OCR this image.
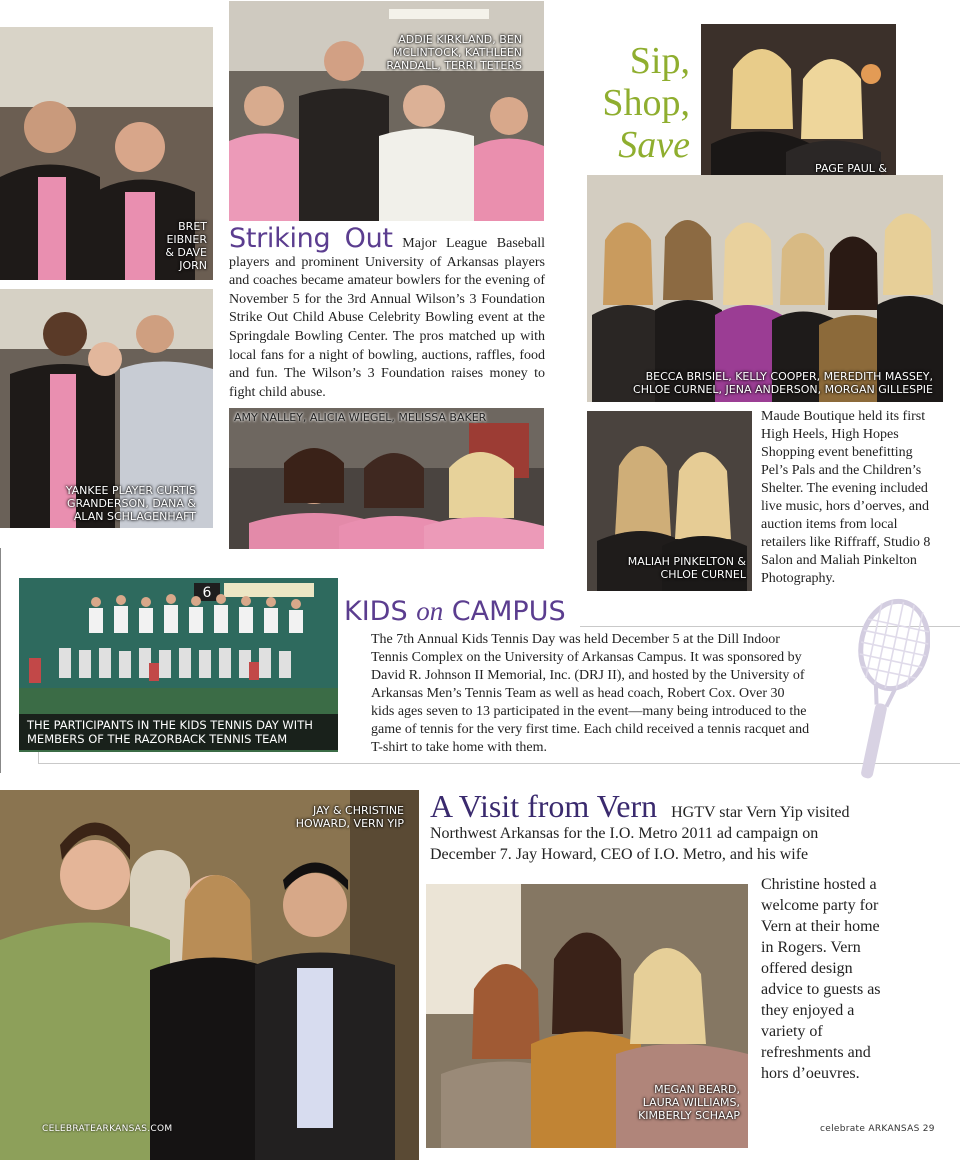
BRET
EIBNER
& DAVE
JORN
ADDIE KIRKLAND, BEN
MCLINTOCK, KATHLEEN
RANDALL, TERRI TETERS
YANKEE PLAYER CURTIS
GRANDERSON, DANA &
ALAN SCHLAGENHAFT
Striking Out Major League Baseball players and prominent University of Arkansas players and coaches became amateur bowlers for the evening of November 5 for the 3rd Annual Wilson’s 3 Foundation Strike Out Child Abuse Celebrity Bowling event at the Springdale Bowling Center. The pros matched up with local fans for a night of bowling, auctions, raffles, food and fun. The Wilson’s 3 Foundation raises money to fight child abuse.
AMY NALLEY, ALICIA WIEGEL, MELISSA BAKER
Sip,
Shop,
Save
PAGE PAUL &

BECCA BRISIEL, KELLY COOPER, MEREDITH MASSEY,
CHLOE CURNEL, JENA ANDERSON, MORGAN GILLESPIE
MALIAH PINKELTON &
CHLOE CURNEL
Maude Boutique held its first High Heels, High Hopes Shopping event benefitting Pel’s Pals and the Children’s Shelter. The evening included live music, hors d’oerves, and auction items from local retailers like Riffraff, Studio 8 Salon and Maliah Pinkelton Photography.
6
THE PARTICIPANTS IN THE KIDS TENNIS DAY WITH
MEMBERS OF THE RAZORBACK TENNIS TEAM
KIDS on CAMPUS
The 7th Annual Kids Tennis Day was held December 5 at the Dill Indoor Tennis Complex on the University of Arkansas Campus. It was sponsored by David R. Johnson II Memorial, Inc. (DRJ II), and hosted by the University of Arkansas Men’s Tennis Team as well as head coach, Robert Cox. Over 30 kids ages seven to 13 participated in the event—many being introduced to the game of tennis for the very first time. Each child received a tennis racquet and T-shirt to take home with them.
JAY & CHRISTINE
HOWARD, VERN YIP A Visit from Vern HGTV star Vern Yip visited Northwest Arkansas for the I.O. Metro 2011 ad campaign on December 7. Jay Howard, CEO of I.O. Metro, and his wife
MEGAN BEARD,
LAURA WILLIAMS,
KIMBERLY SCHAAP
Christine hosted a welcome party for Vern at their home in Rogers. Vern offered design advice to guests as they enjoyed a variety of refreshments and hors d’oeuvres.
CELEBRATEARKANSAS.COM	celebrate ARKANSAS 29
